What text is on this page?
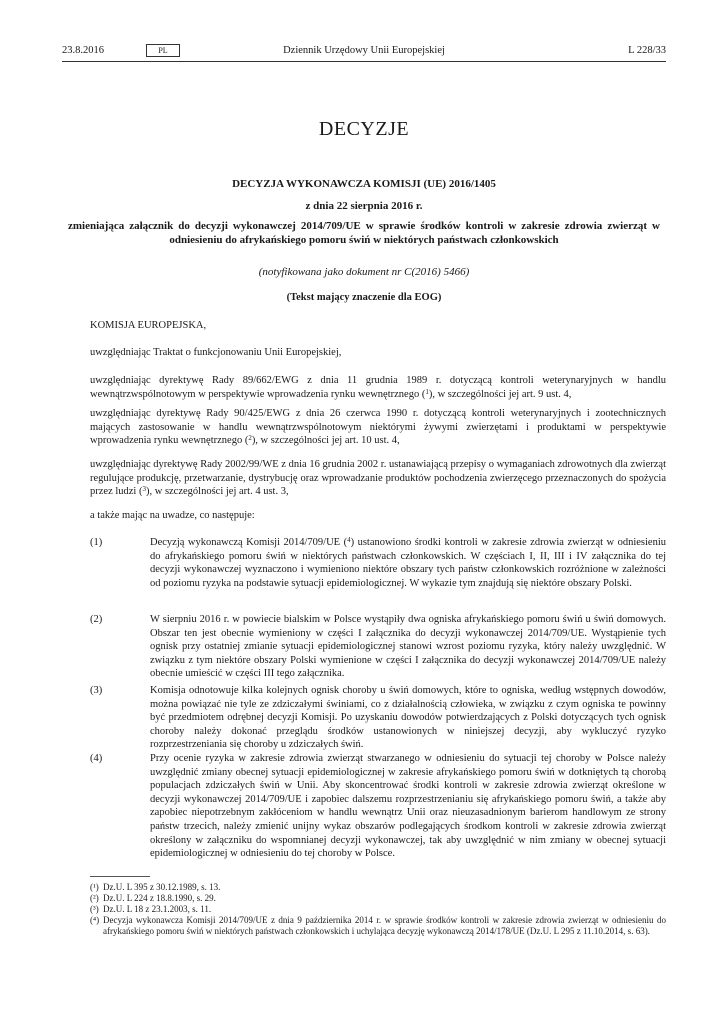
23.8.2016	PL	Dziennik Urzędowy Unii Europejskiej	L 228/33
DECYZJE
DECYZJA WYKONAWCZA KOMISJI (UE) 2016/1405
z dnia 22 sierpnia 2016 r.
zmieniająca załącznik do decyzji wykonawczej 2014/709/UE w sprawie środków kontroli w zakresie zdrowia zwierząt w odniesieniu do afrykańskiego pomoru świń w niektórych państwach członkowskich
(notyfikowana jako dokument nr C(2016) 5466)
(Tekst mający znaczenie dla EOG)
KOMISJA EUROPEJSKA,
uwzględniając Traktat o funkcjonowaniu Unii Europejskiej,
uwzględniając dyrektywę Rady 89/662/EWG z dnia 11 grudnia 1989 r. dotyczącą kontroli weterynaryjnych w handlu wewnątrzwspólnotowym w perspektywie wprowadzenia rynku wewnętrznego ($^1$), w szczególności jej art. 9 ust. 4,
uwzględniając dyrektywę Rady 90/425/EWG z dnia 26 czerwca 1990 r. dotyczącą kontroli weterynaryjnych i zootechnicznych mających zastosowanie w handlu wewnątrzwspólnotowym niektórymi żywymi zwierzętami i produktami w perspektywie wprowadzenia rynku wewnętrznego ($^2$), w szczególności jej art. 10 ust. 4,
uwzględniając dyrektywę Rady 2002/99/WE z dnia 16 grudnia 2002 r. ustanawiającą przepisy o wymaganiach zdrowotnych dla zwierząt regulujące produkcję, przetwarzanie, dystrybucję oraz wprowadzanie produktów pochodzenia zwierzęcego przeznaczonych do spożycia przez ludzi ($^3$), w szczególności jej art. 4 ust. 3,
a także mając na uwadze, co następuje:
(1)	Decyzją wykonawczą Komisji 2014/709/UE ($^4$) ustanowiono środki kontroli w zakresie zdrowia zwierząt w odniesieniu do afrykańskiego pomoru świń w niektórych państwach członkowskich. W częściach I, II, III i IV załącznika do tej decyzji wykonawczej wyznaczono i wymieniono niektóre obszary tych państw członkowskich rozróżnione w zależności od poziomu ryzyka na podstawie sytuacji epidemiologicznej. W wykazie tym znajdują się niektóre obszary Polski.
(2)	W sierpniu 2016 r. w powiecie bialskim w Polsce wystąpiły dwa ogniska afrykańskiego pomoru świń u świń domowych. Obszar ten jest obecnie wymieniony w części I załącznika do decyzji wykonawczej 2014/709/UE. Wystąpienie tych ognisk przy ostatniej zmianie sytuacji epidemiologicznej stanowi wzrost poziomu ryzyka, który należy uwzględnić. W związku z tym niektóre obszary Polski wymienione w części I załącznika do decyzji wykonawczej 2014/709/UE należy obecnie umieścić w części III tego załącznika.
(3)	Komisja odnotowuje kilka kolejnych ognisk choroby u świń domowych, które to ogniska, według wstępnych dowodów, można powiązać nie tyle ze zdziczałymi świniami, co z działalnością człowieka, w związku z czym ogniska te powinny być przedmiotem odrębnej decyzji Komisji. Po uzyskaniu dowodów potwierdzających z Polski dotyczących tych ognisk choroby należy dokonać przeglądu środków ustanowionych w niniejszej decyzji, aby wykluczyć ryzyko rozprzestrzeniania się choroby u zdziczałych świń.
(4)	Przy ocenie ryzyka w zakresie zdrowia zwierząt stwarzanego w odniesieniu do sytuacji tej choroby w Polsce należy uwzględnić zmiany obecnej sytuacji epidemiologicznej w zakresie afrykańskiego pomoru świń w dotkniętych tą chorobą populacjach zdziczałych świń w Unii. Aby skoncentrować środki kontroli w zakresie zdrowia zwierząt określone w decyzji wykonawczej 2014/709/UE i zapobiec dalszemu rozprzestrzenianiu się afrykańskiego pomoru świń, a także aby zapobiec niepotrzebnym zakłóceniom w handlu wewnątrz Unii oraz nieuzasadnionym barierom handlowym ze strony państw trzecich, należy zmienić unijny wykaz obszarów podlegających środkom kontroli w zakresie zdrowia zwierząt określony w załączniku do wspomnianej decyzji wykonawczej, tak aby uwzględnić w nim zmiany w obecnej sytuacji epidemiologicznej w odniesieniu do tej choroby w Polsce.
(¹) Dz.U. L 395 z 30.12.1989, s. 13.
(²) Dz.U. L 224 z 18.8.1990, s. 29.
(³) Dz.U. L 18 z 23.1.2003, s. 11.
(⁴) Decyzja wykonawcza Komisji 2014/709/UE z dnia 9 października 2014 r. w sprawie środków kontroli w zakresie zdrowia zwierząt w odniesieniu do afrykańskiego pomoru świń w niektórych państwach członkowskich i uchylająca decyzję wykonawczą 2014/178/UE (Dz.U. L 295 z 11.10.2014, s. 63).
